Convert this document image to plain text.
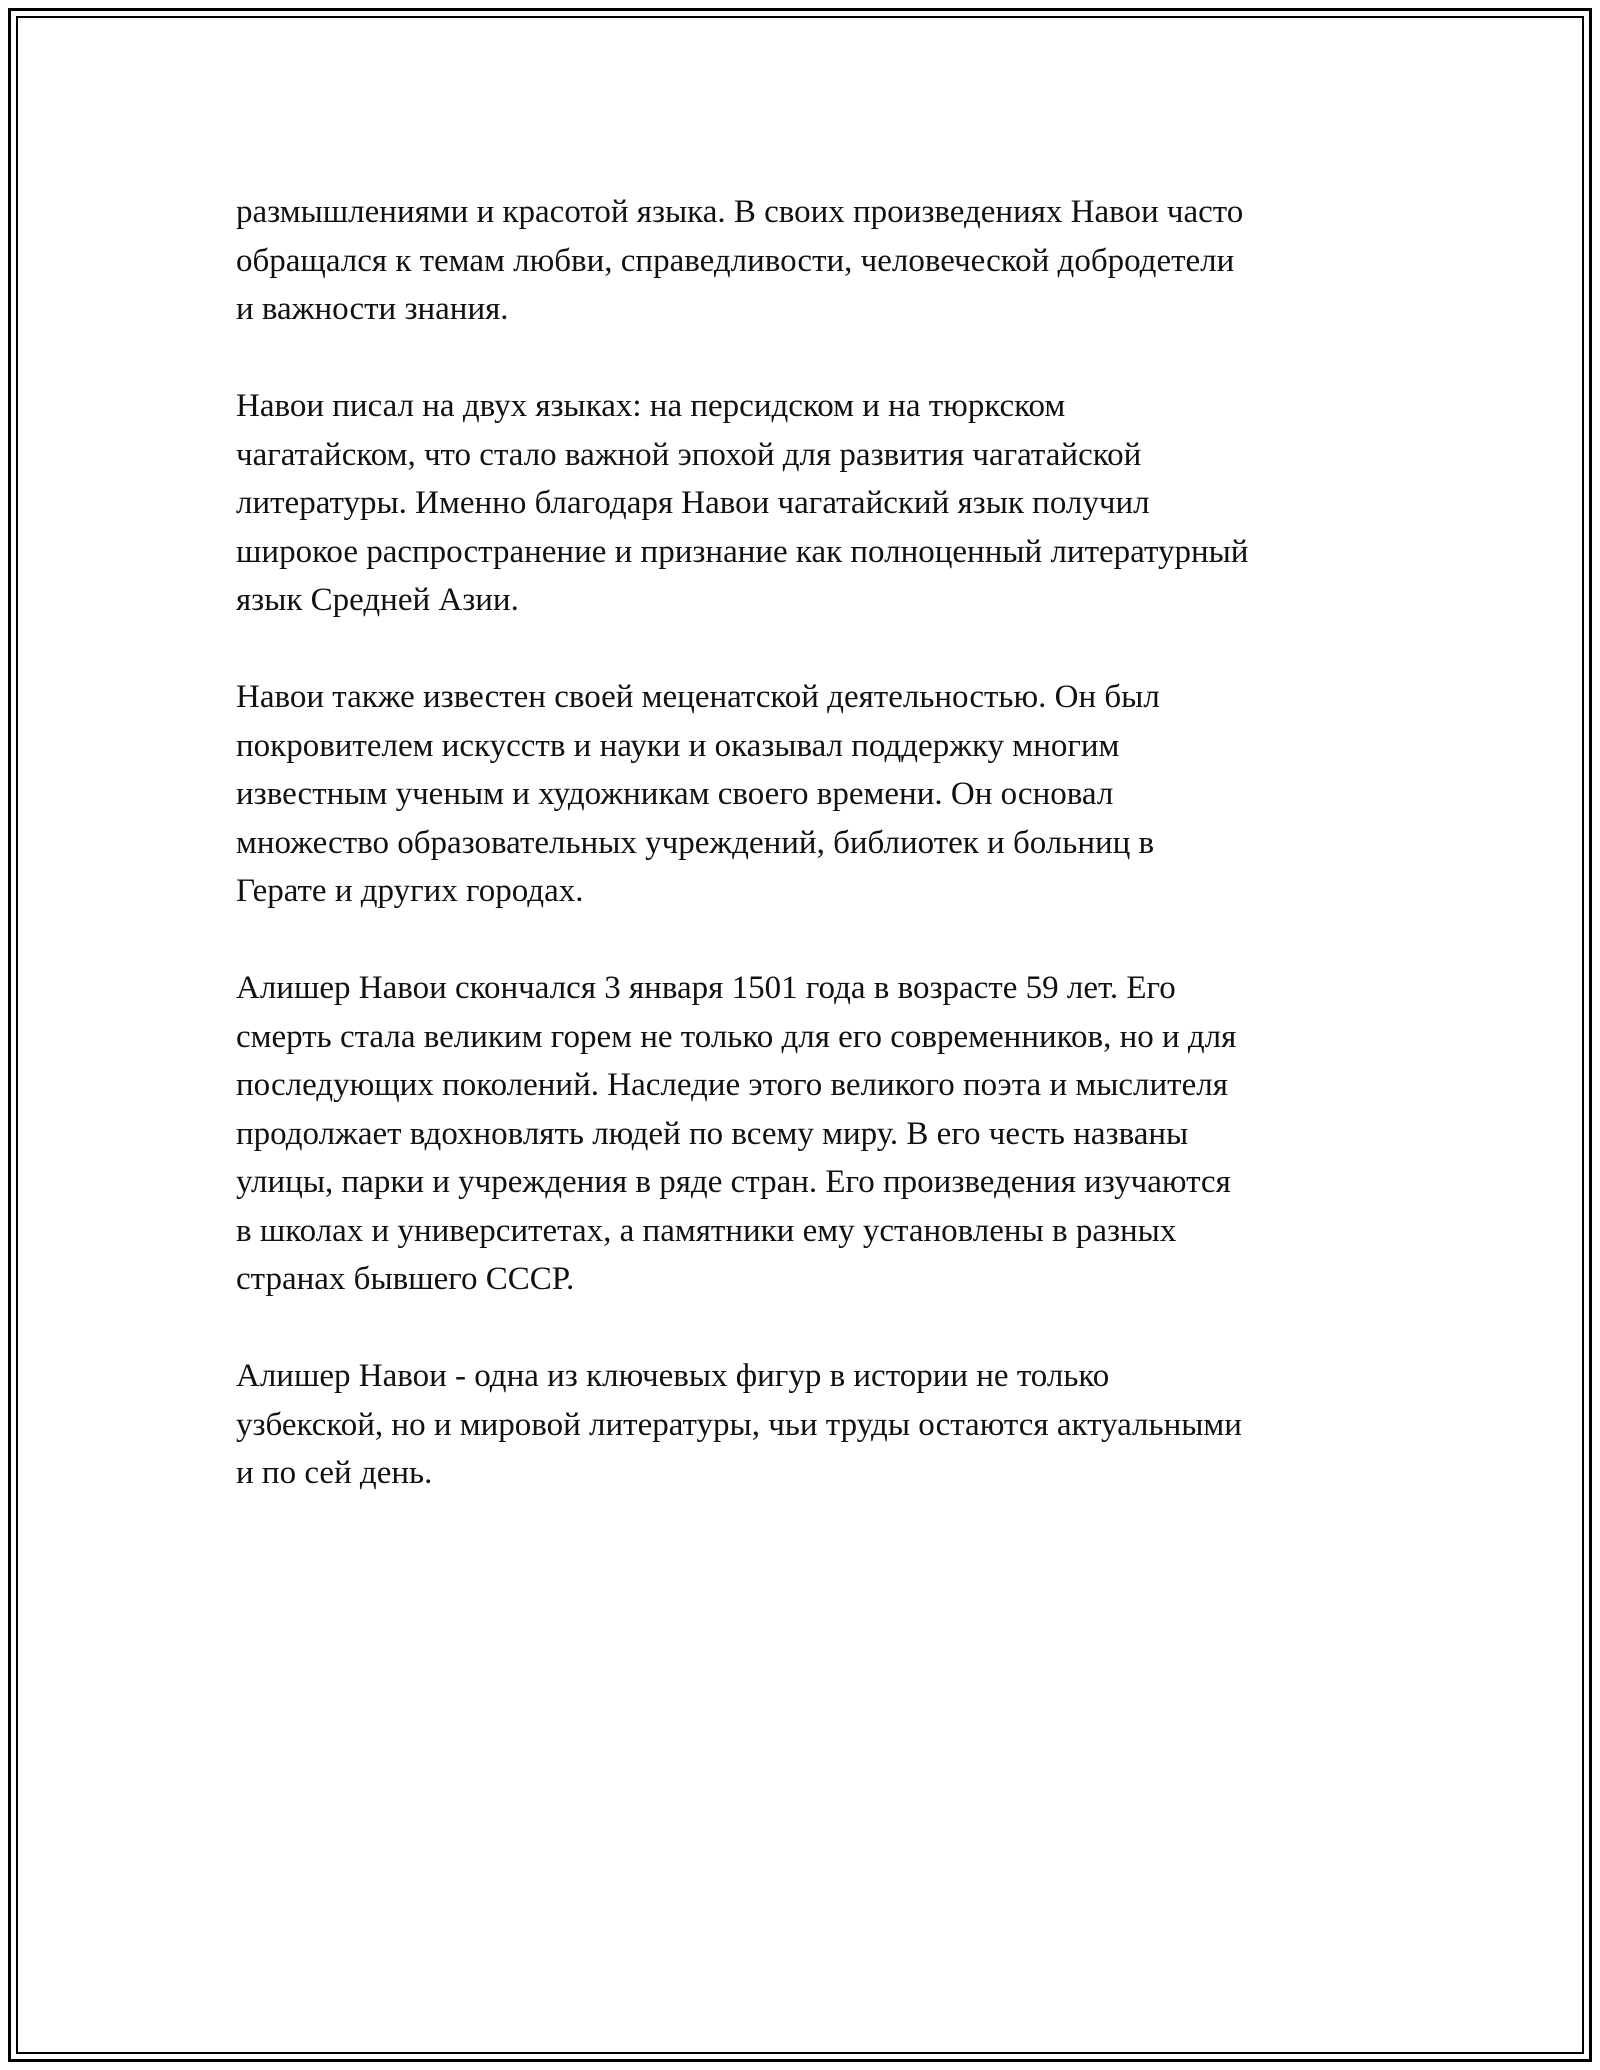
размышлениями и красотой языка. В своих произведениях Навои часто
обращался к темам любви, справедливости, человеческой добродетели
и важности знания.

Навои писал на двух языках: на персидском и на тюркском
чагатайском, что стало важной эпохой для развития чагатайской
литературы. Именно благодаря Навои чагатайский язык получил
широкое распространение и признание как полноценный литературный
язык Средней Азии.

Навои также известен своей меценатской деятельностью. Он был
покровителем искусств и науки и оказывал поддержку многим
известным ученым и художникам своего времени. Он основал
множество образовательных учреждений, библиотек и больниц в
Герате и других городах.

Алишер Навои скончался 3 января 1501 года в возрасте 59 лет. Его
смерть стала великим горем не только для его современников, но и для
последующих поколений. Наследие этого великого поэта и мыслителя
продолжает вдохновлять людей по всему миру. В его честь названы
улицы, парки и учреждения в ряде стран. Его произведения изучаются
в школах и университетах, а памятники ему установлены в разных
странах бывшего СССР.

Алишер Навои - одна из ключевых фигур в истории не только
узбекской, но и мировой литературы, чьи труды остаются актуальными
и по сей день.
